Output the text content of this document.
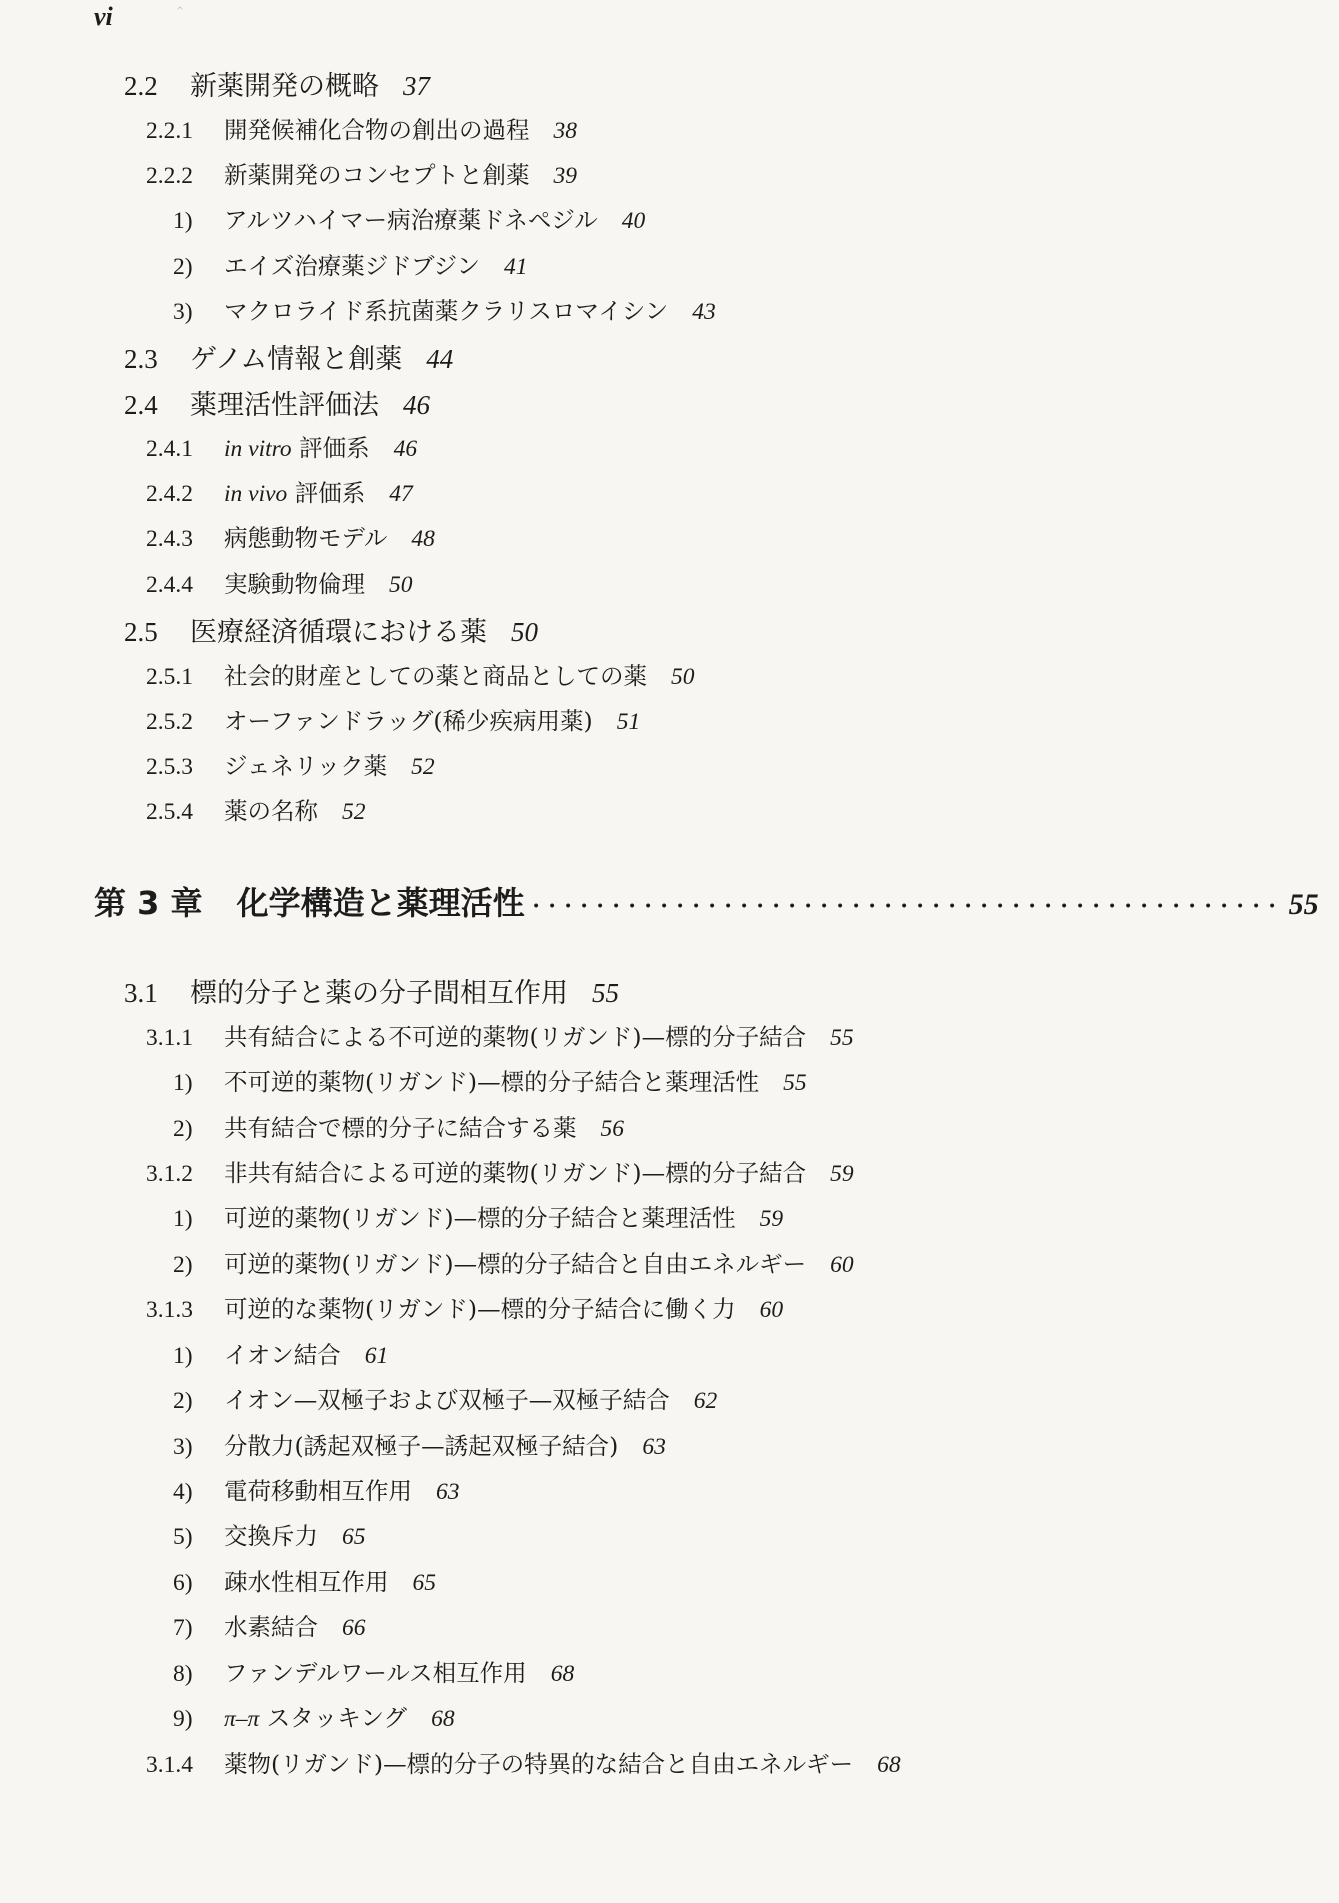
vi	^
2.2	新薬開発の概略 37
2.2.1	開発候補化合物の創出の過程 38
2.2.2	新薬開発のコンセプトと創薬 39
1)	アルツハイマー病治療薬ドネペジル 40
2)	エイズ治療薬ジドブジン 41
3)	マクロライド系抗菌薬クラリスロマイシン 43
2.3	ゲノム情報と創薬 44
2.4	薬理活性評価法 46
2.4.1	in vitro 評価系 46
2.4.2	in vivo 評価系 47
2.4.3	病態動物モデル 48
2.4.4	実験動物倫理 50
2.5	医療経済循環における薬 50
2.5.1	社会的財産としての薬と商品としての薬 50
2.5.2	オーファンドラッグ(稀少疾病用薬) 51
2.5.3	ジェネリック薬 52
2.5.4	薬の名称 52
第 3 章 化学構造と薬理活性 ･･･････････････････････････････････････････････ 55
3.1	標的分子と薬の分子間相互作用 55
3.1.1	共有結合による不可逆的薬物(リガンド)—標的分子結合 55
1)	不可逆的薬物(リガンド)—標的分子結合と薬理活性 55
2)	共有結合で標的分子に結合する薬 56
3.1.2	非共有結合による可逆的薬物(リガンド)—標的分子結合 59
1)	可逆的薬物(リガンド)—標的分子結合と薬理活性 59
2)	可逆的薬物(リガンド)—標的分子結合と自由エネルギー 60
3.1.3	可逆的な薬物(リガンド)—標的分子結合に働く力 60
1)	イオン結合 61
2)	イオン—双極子および双極子—双極子結合 62
3)	分散力(誘起双極子—誘起双極子結合) 63
4)	電荷移動相互作用 63
5)	交換斥力 65
6)	疎水性相互作用 65
7)	水素結合 66
8)	ファンデルワールス相互作用 68
9)	π–π スタッキング 68
3.1.4	薬物(リガンド)—標的分子の特異的な結合と自由エネルギー 68
